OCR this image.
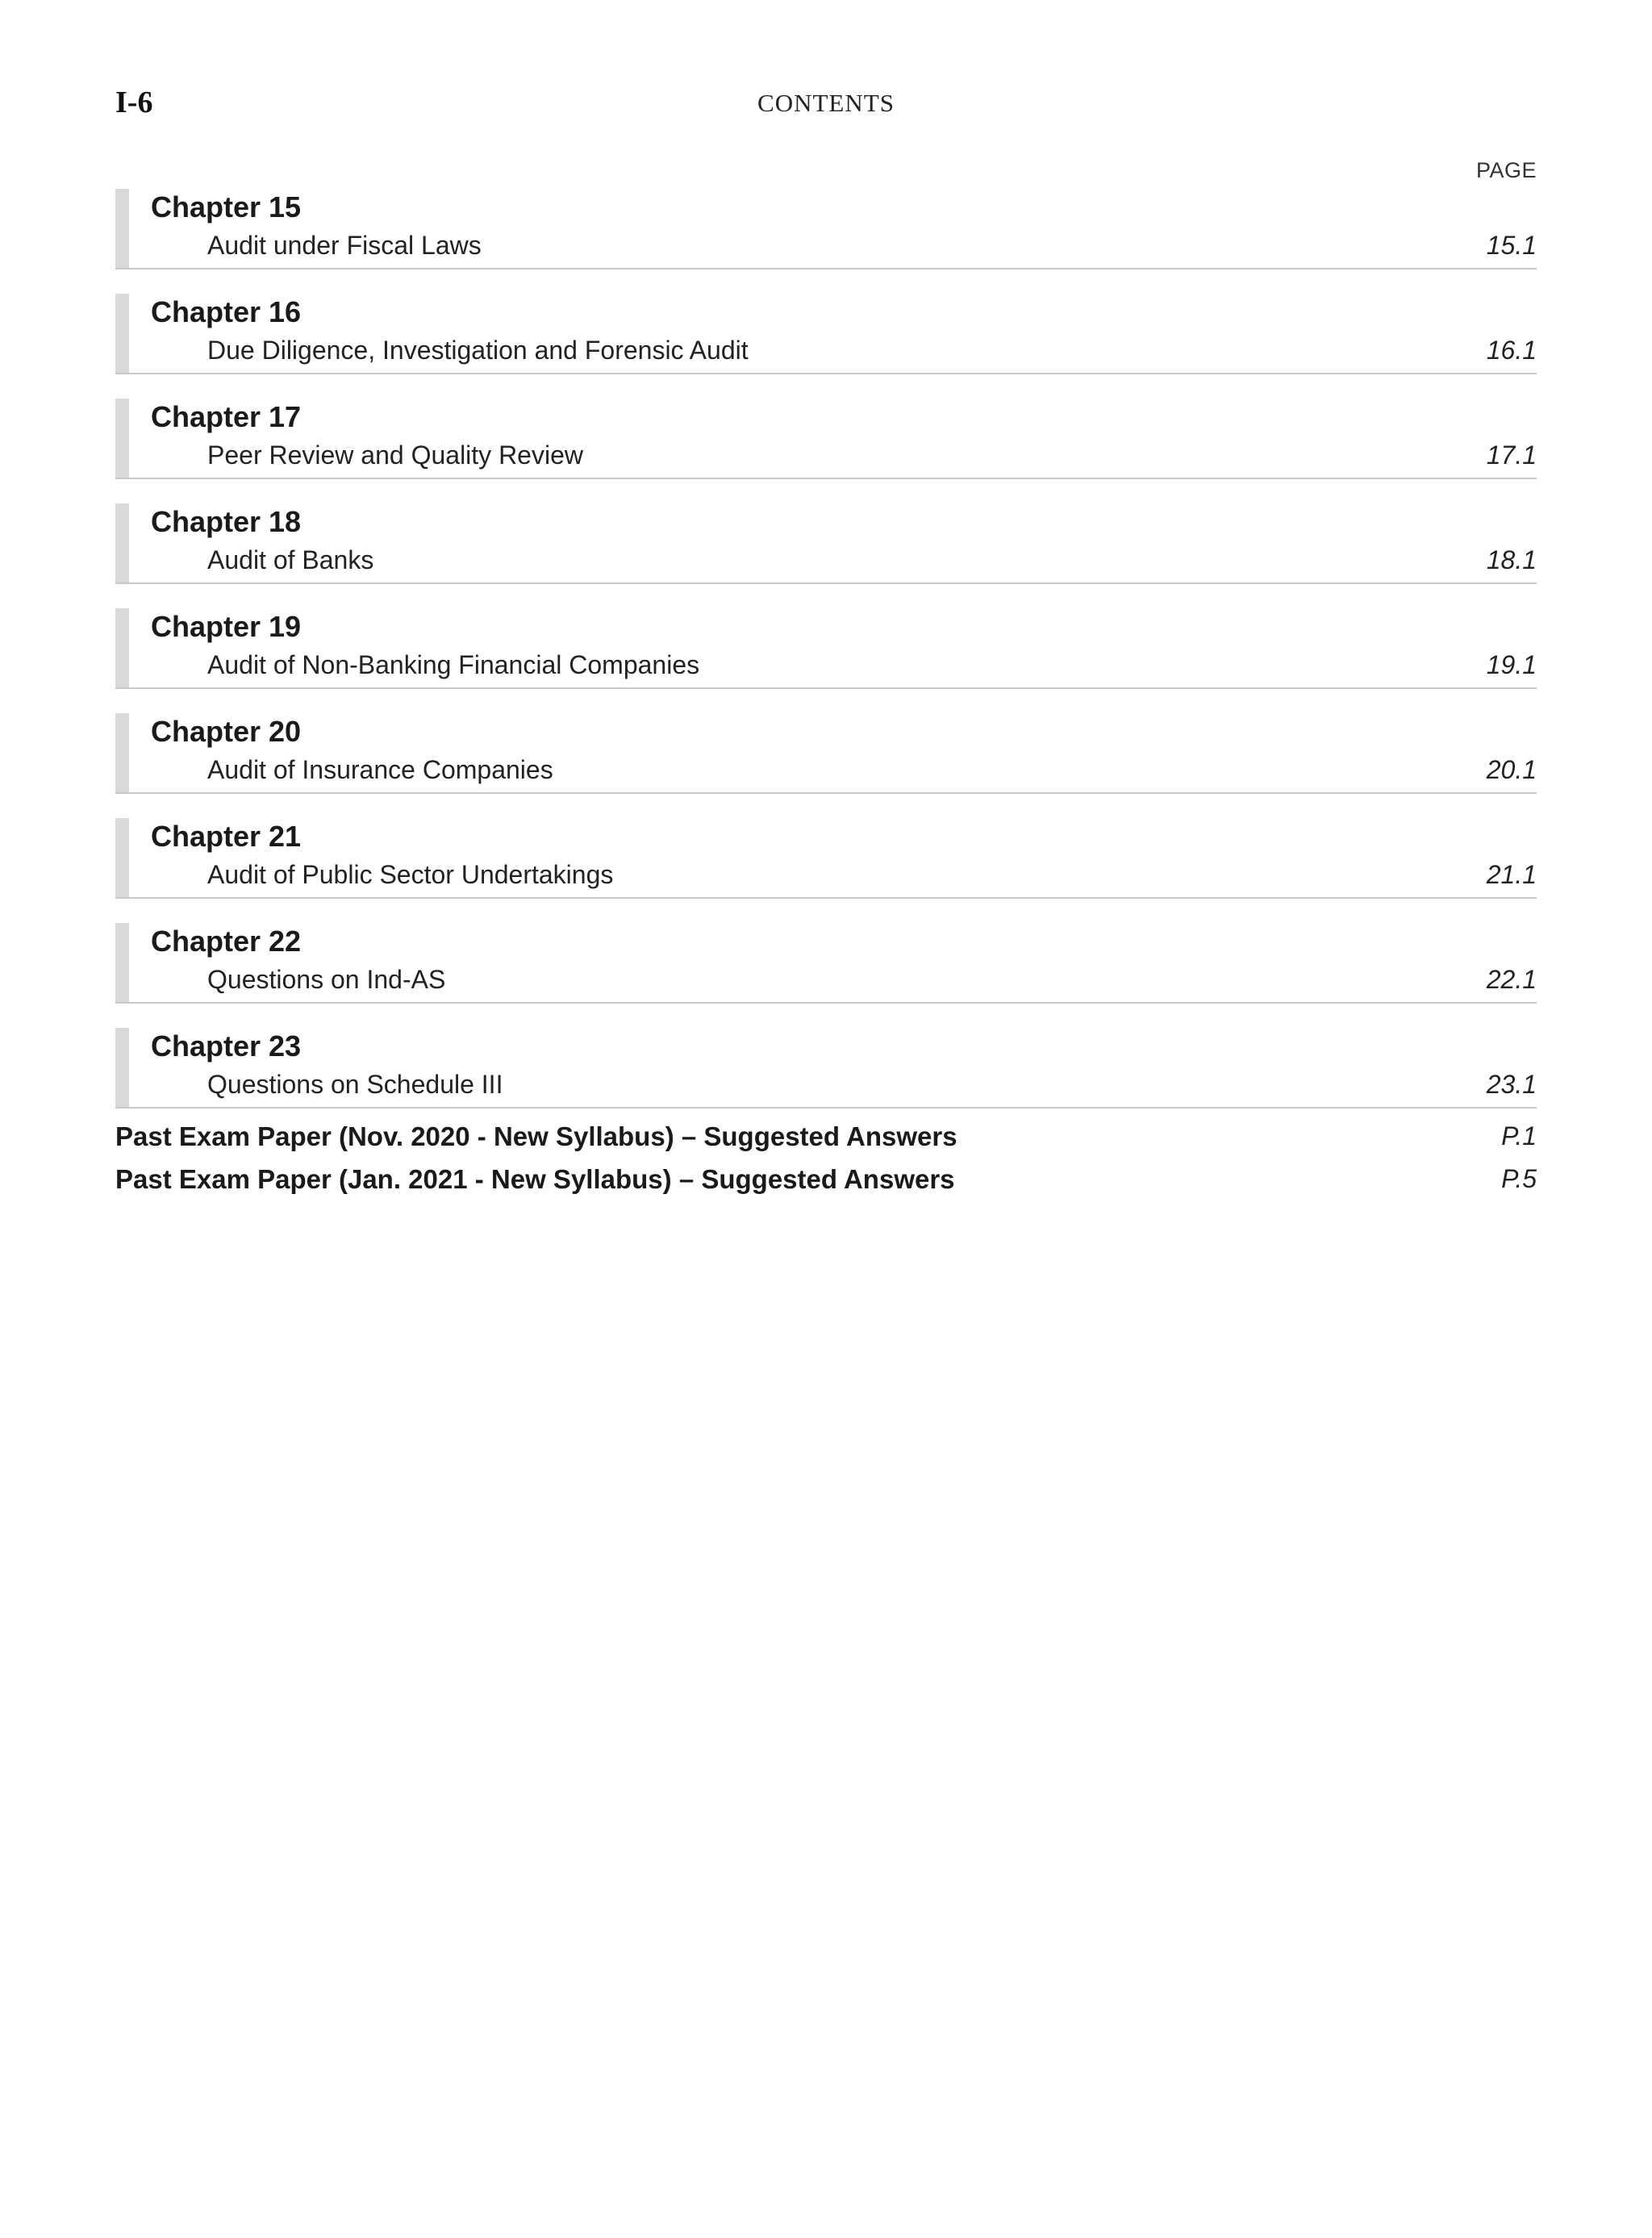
I-6	CONTENTS
PAGE
Chapter 15
Audit under Fiscal Laws	15.1
Chapter 16
Due Diligence, Investigation and Forensic Audit	16.1
Chapter 17
Peer Review and Quality Review	17.1
Chapter 18
Audit of Banks	18.1
Chapter 19
Audit of Non-Banking Financial Companies	19.1
Chapter 20
Audit of Insurance Companies	20.1
Chapter 21
Audit of Public Sector Undertakings	21.1
Chapter 22
Questions on Ind-AS	22.1
Chapter 23
Questions on Schedule III	23.1
Past Exam Paper (Nov. 2020 - New Syllabus) – Suggested Answers	P.1
Past Exam Paper (Jan. 2021 - New Syllabus) – Suggested Answers	P.5
